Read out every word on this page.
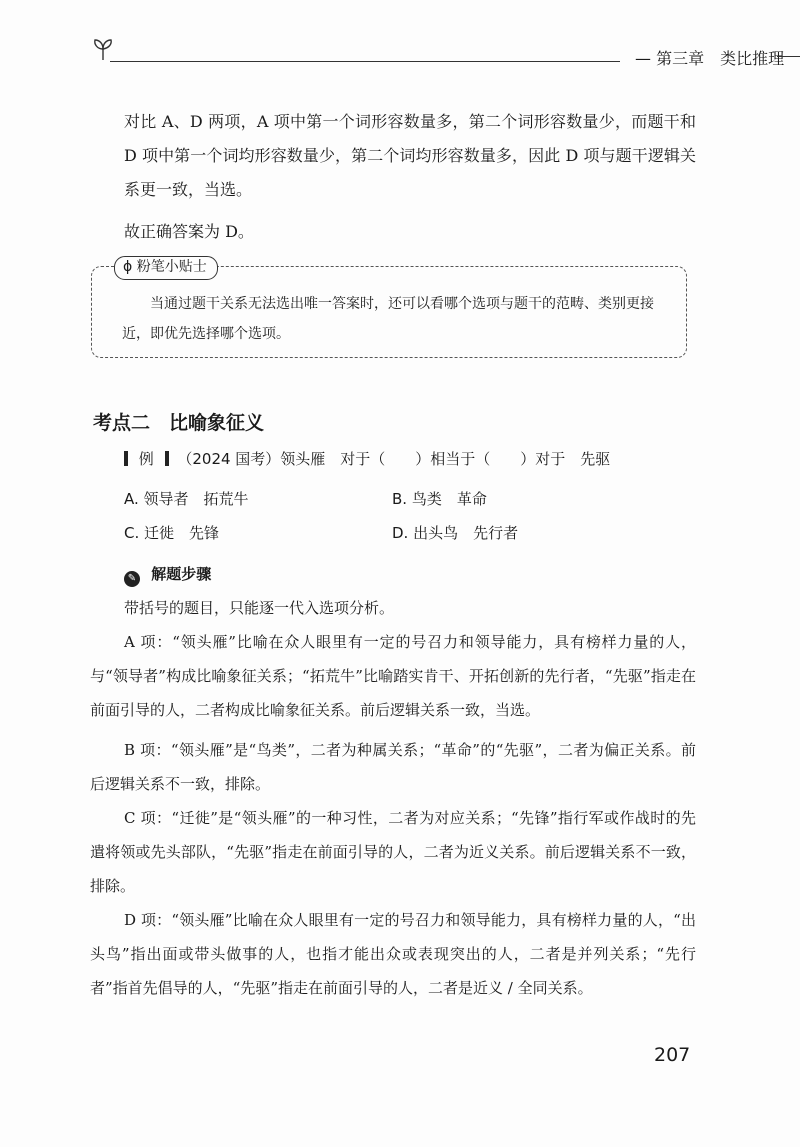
— 第三章　类比推理
对比 A、D 两项，A 项中第一个词形容数量多，第二个词形容数量少，而题干和 D 项中第一个词均形容数量少，第二个词均形容数量多，因此 D 项与题干逻辑关系更一致，当选。
故正确答案为 D。
ϕ 粉笔小贴士
当通过题干关系无法选出唯一答案时，还可以看哪个选项与题干的范畴、类别更接近，即优先选择哪个选项。
考点二　比喻象征义
例 （2024 国考）领头雁　对于（　　）相当于（　　）对于　先驱
A. 领导者　拓荒牛	B. 鸟类　革命
C. 迁徙　先锋	D. 出头鸟　先行者
✎ 解题步骤
带括号的题目，只能逐一代入选项分析。
A 项：“领头雁”比喻在众人眼里有一定的号召力和领导能力，具有榜样力量的人，与“领导者”构成比喻象征关系；“拓荒牛”比喻踏实肯干、开拓创新的先行者，“先驱”指走在前面引导的人，二者构成比喻象征关系。前后逻辑关系一致，当选。
B 项：“领头雁”是“鸟类”，二者为种属关系；“革命”的“先驱”，二者为偏正关系。前后逻辑关系不一致，排除。
C 项：“迁徙”是“领头雁”的一种习性，二者为对应关系；“先锋”指行军或作战时的先遣将领或先头部队，“先驱”指走在前面引导的人，二者为近义关系。前后逻辑关系不一致，排除。
D 项：“领头雁”比喻在众人眼里有一定的号召力和领导能力，具有榜样力量的人，“出头鸟”指出面或带头做事的人，也指才能出众或表现突出的人，二者是并列关系；“先行者”指首先倡导的人，“先驱”指走在前面引导的人，二者是近义 / 全同关系。
207
